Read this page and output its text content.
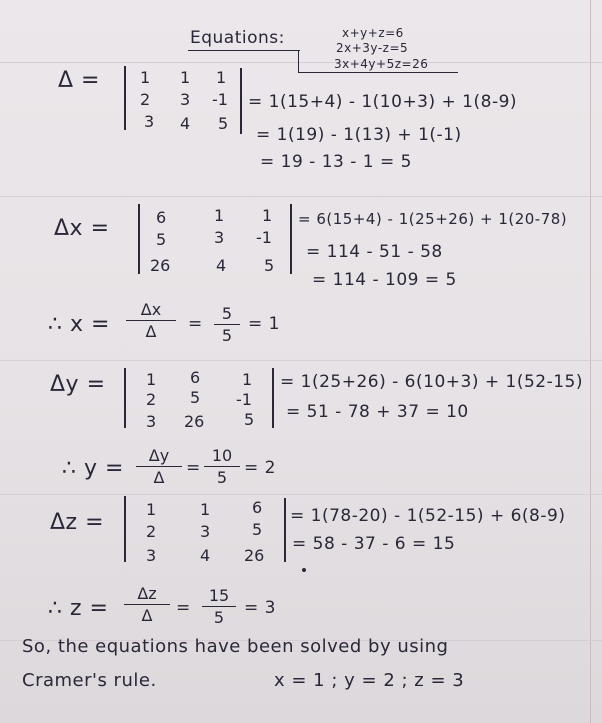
Equations:	x+y+z=6
2x+3y-z=5
3x+4y+5z=26
Δ =	1 1 1
2 3 -1
3 4 5
= 1(15+4) - 1(10+3) + 1(8-9)
= 1(19) - 1(13) + 1(-1)
= 19 - 13 - 1 = 5
Δx =	6	1 1
5	3 -1
26	4 5
= 6(15+4) - 1(25+26) + 1(20-78)
= 114 - 51 - 58
= 114 - 109 = 5
∴ x =
Δx
Δ	=
5
5
= 1
Δy =	1 6	1
2 5 -1
3 26 5
= 1(25+26) - 6(10+3) + 1(52-15)
= 51 - 78 + 37 = 10
∴ y =
Δy
Δ	=
10
5 = 2
Δz =
1	1	6
2	3	5
3	4 26
= 1(78-20) - 1(52-15) + 6(8-9)
= 58 - 37 - 6 = 15
∴ z =
Δz
Δ	=
15
5	= 3
So, the equations have been solved by using
Cramer's rule.	x = 1 ; y = 2 ; z = 3
